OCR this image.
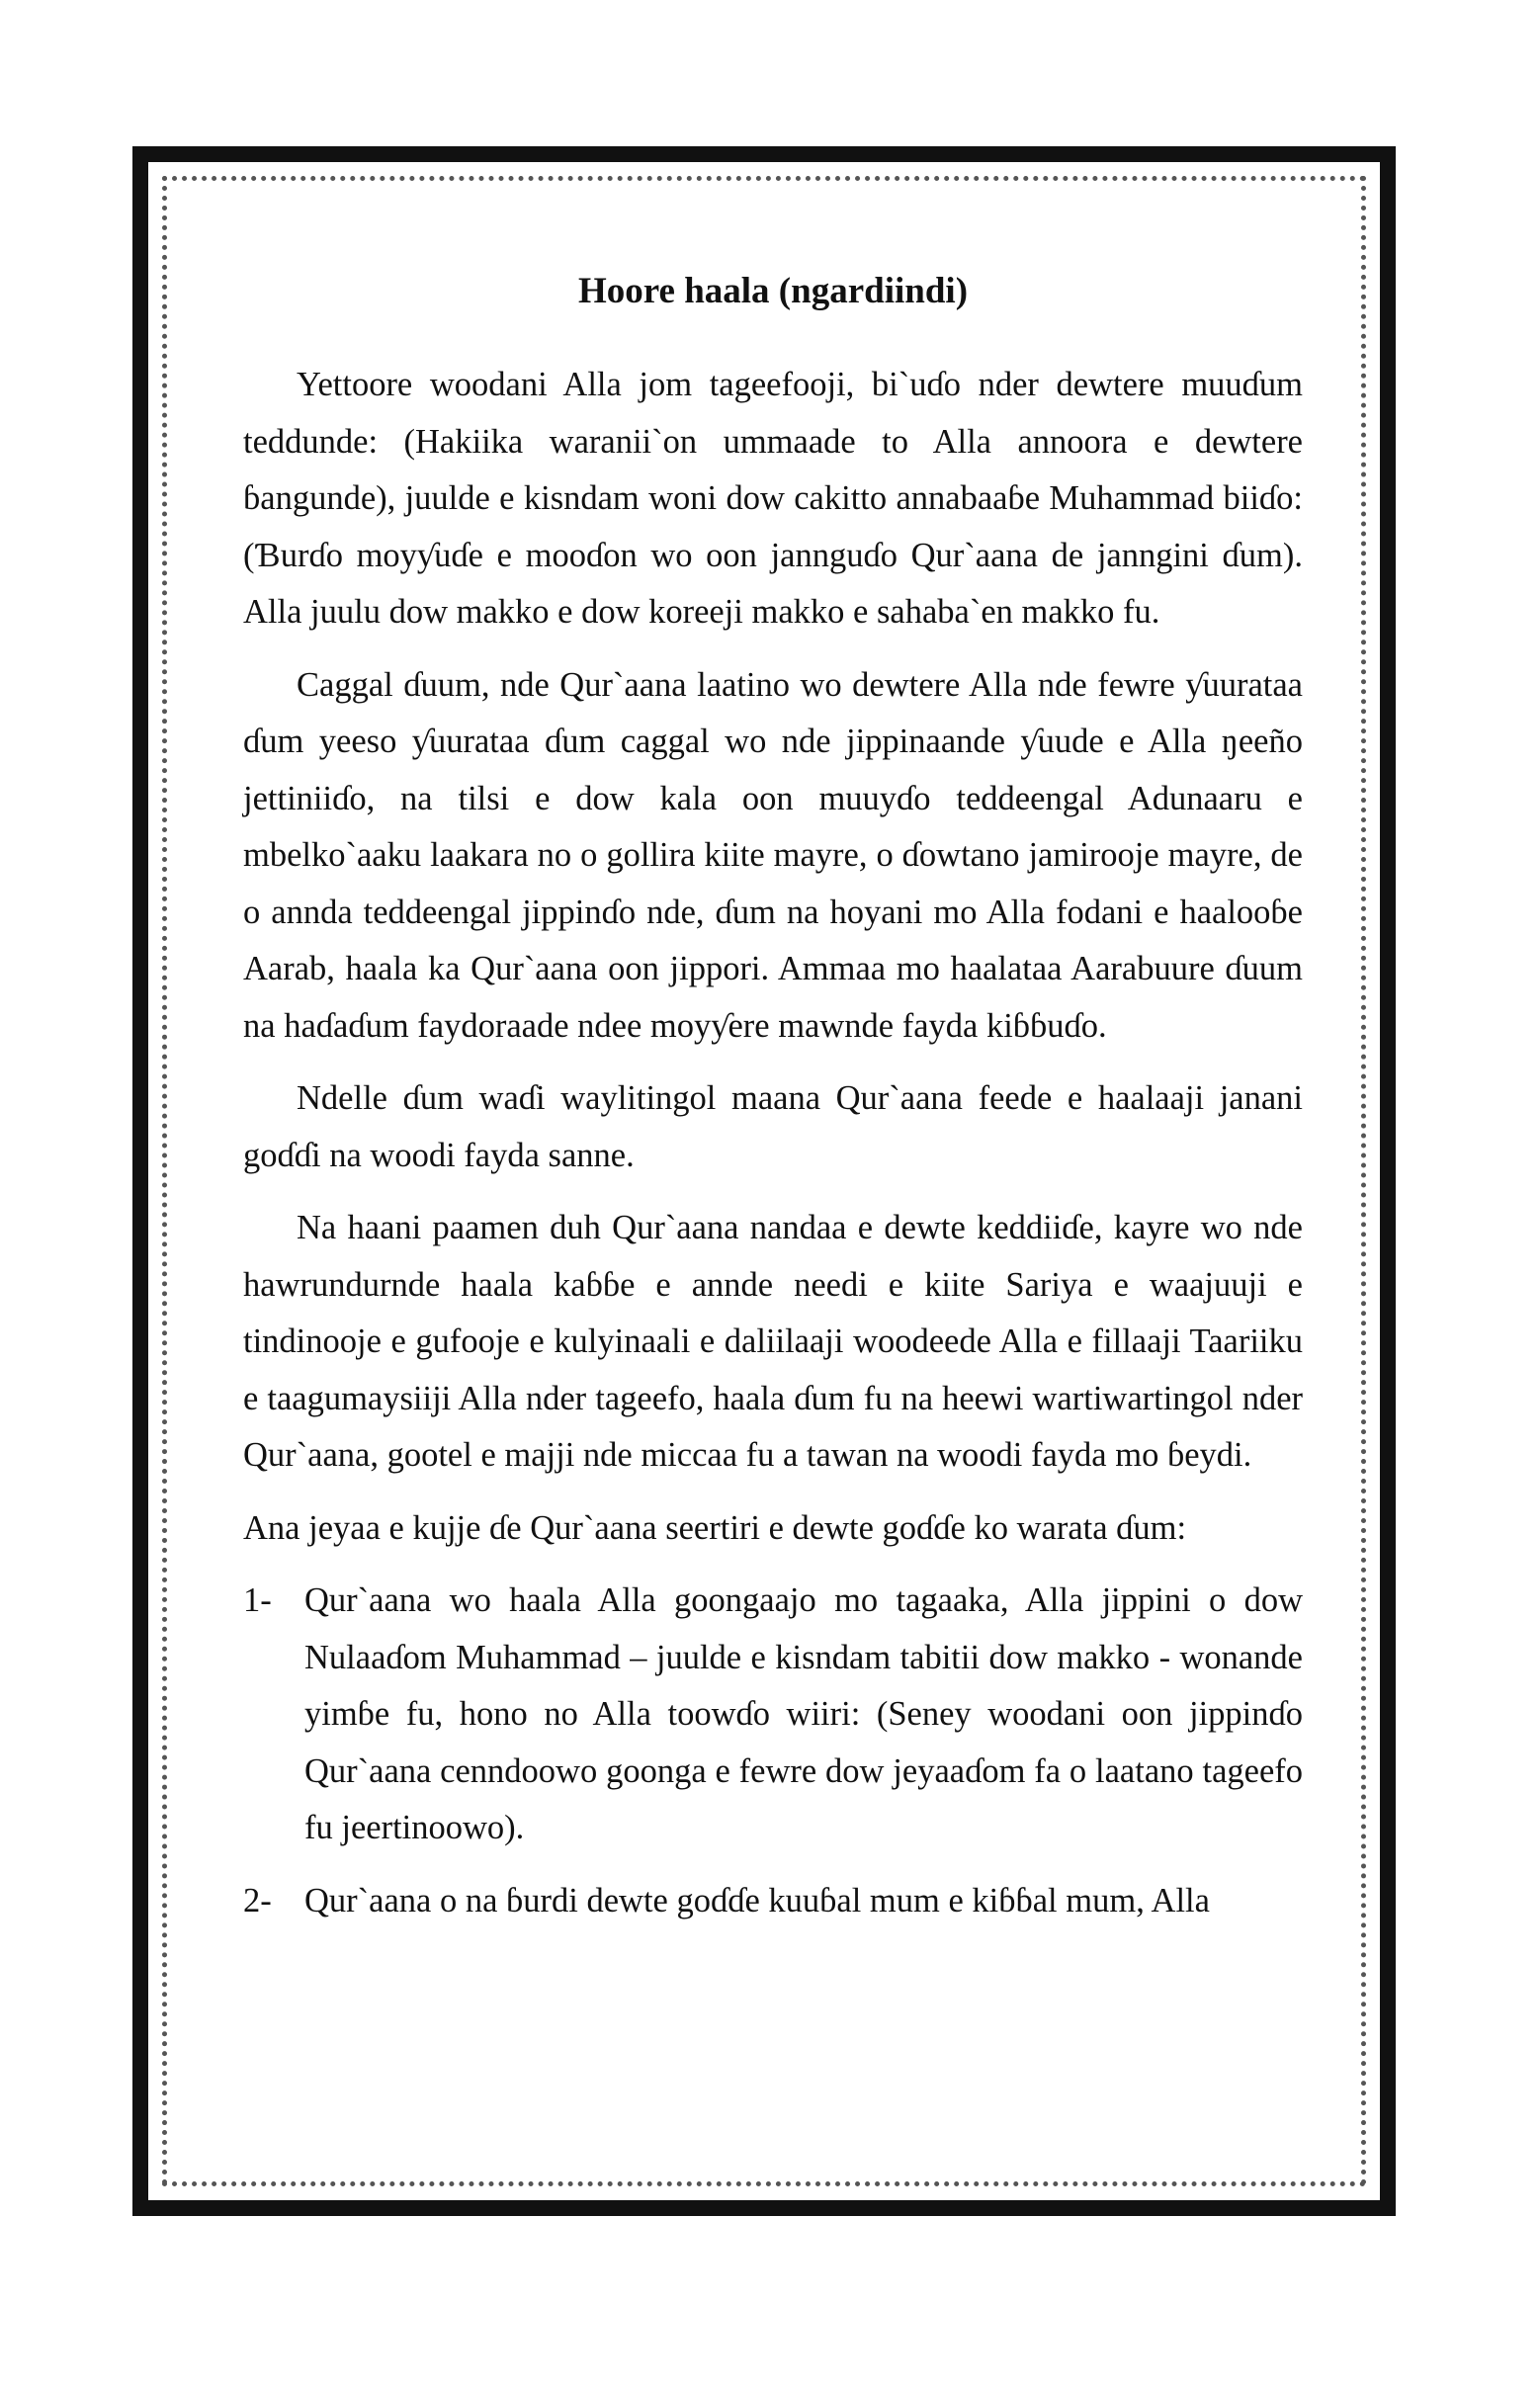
Hoore haala (ngardiindi)

Yettoore woodani Alla jom tageefooji, bi`uɗo nder dewtere muuɗum teddunde: (Hakiika waranii`on ummaade to Alla annoora e dewtere ɓangunde), juulde e kisndam woni dow cakitto annabaaɓe Muhammad biiɗo: (Ɓurɗo moyƴuɗe e mooɗon wo oon jannguɗo Qur`aana de janngini ɗum). Alla juulu dow makko e dow koreeji makko e sahaba`en makko fu.

Caggal ɗuum, nde Qur`aana laatino wo dewtere Alla nde fewre ƴuurataa ɗum yeeso ƴuurataa ɗum caggal wo nde jippinaande ƴuude e Alla ŋeeño jettiniiɗo, na tilsi e dow kala oon muuyɗo teddeengal Adunaaru e mbelko`aaku laakara no o gollira kiite mayre, o ɗowtano jamirooje mayre, de o annda teddeengal jippinɗo nde, ɗum na hoyani mo Alla fodani e haalooɓe Aarab, haala ka Qur`aana oon jippori. Ammaa mo haalataa Aarabuure ɗuum na haɗaɗum faydoraade ndee moyƴere mawnde fayda kiɓɓuɗo.

Ndelle ɗum waɗi waylitingol maana Qur`aana feede e haalaaji janani goɗɗi na woodi fayda sanne.

Na haani paamen duh Qur`aana nandaa e dewte keddiiɗe, kayre wo nde hawrundurnde haala kaɓɓe e annde needi e kiite Sariya e waajuuji e tindinooje e gufooje e kulyinaali e daliilaaji woodeede Alla e fillaaji Taariiku e taagumaysiiji Alla nder tageefo, haala ɗum fu na heewi wartiwartingol nder Qur`aana, gootel e majji nde miccaa fu a tawan na woodi fayda mo ɓeydi.

Ana jeyaa e kujje ɗe Qur`aana seertiri e dewte goɗɗe ko warata ɗum:

1- Qur`aana wo haala Alla goongaajo mo tagaaka, Alla jippini o dow Nulaaɗom Muhammad – juulde e kisndam tabitii dow makko - wonande yimɓe fu, hono no Alla toowɗo wiiri: (Seney woodani oon jippinɗo Qur`aana cenndoowo goonga e fewre dow jeyaaɗom fa o laatano tageefo fu jeertinoowo).
2- Qur`aana o na ɓurdi dewte goɗɗe kuuɓal mum e kiɓɓal mum, Alla
